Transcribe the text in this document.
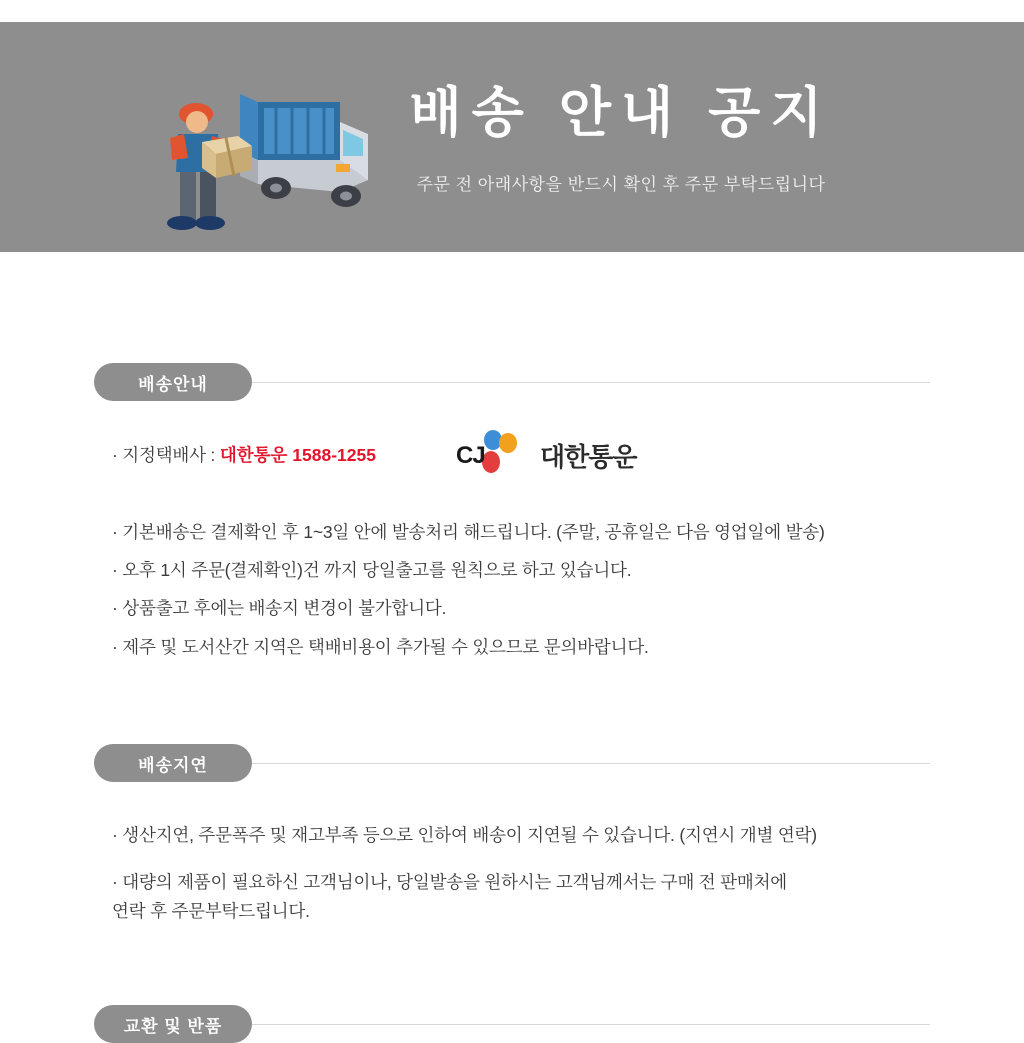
배송 안내 공지
주문 전 아래사항을 반드시 확인 후 주문 부탁드립니다
배송안내
· 지정택배사 : 대한통운 1588-1255	CJ 대한통운
· 기본배송은 결제확인 후 1~3일 안에 발송처리 해드립니다. (주말, 공휴일은 다음 영업일에 발송)
· 오후 1시 주문(결제확인)건 까지 당일출고를 원칙으로 하고 있습니다.
· 상품출고 후에는 배송지 변경이 불가합니다.
· 제주 및 도서산간 지역은 택배비용이 추가될 수 있으므로 문의바랍니다.
배송지연
· 생산지연, 주문폭주 및 재고부족 등으로 인하여 배송이 지연될 수 있습니다. (지연시 개별 연락)
· 대량의 제품이 필요하신 고객님이나, 당일발송을 원하시는 고객님께서는 구매 전 판매처에
연락 후 주문부탁드립니다.
교환 및 반품
